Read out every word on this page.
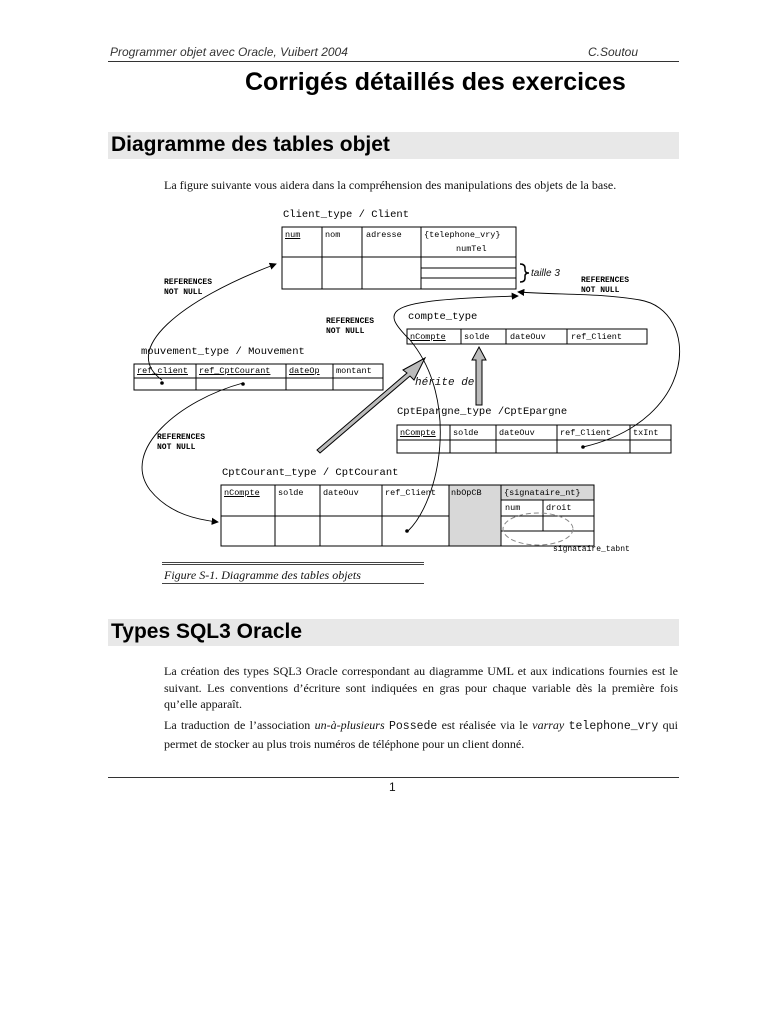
Programmer objet avec Oracle, Vuibert 2004	C.Soutou
Corrigés détaillés des exercices
Diagramme des tables objet
La figure suivante vous aidera dans la compréhension des manipulations des objets de la base.
Client_type / Client
num	nom	adresse	{telephone_vry}
numTel
taille 3
REFERENCES
NOT NULL
REFERENCES
NOT NULL
REFERENCES
NOT NULL
REFERENCES
NOT NULL
compte_type
nCompte solde dateOuv	ref_Client
mouvement_type / Mouvement
ref_client ref_CptCourant dateOp montant
hérite de
CptEpargne_type /CptEpargne
nCompte solde dateOuv	ref_Client	txInt
CptCourant_type / CptCourant
nCompte solde dateOuv	ref_Client nbOpCB	{signataire_nt}
num	droit
signataire_tabnt
Figure S-1. Diagramme des tables objets
Types SQL3 Oracle
La création des types SQL3 Oracle correspondant au diagramme UML et aux indications fournies est le suivant. Les conventions d’écriture sont indiquées en gras pour chaque variable dès la première fois qu’elle apparaît.
La traduction de l’association un-à-plusieurs Possede est réalisée via le varray telephone_vry qui permet de stocker au plus trois numéros de téléphone pour un client donné.
1
